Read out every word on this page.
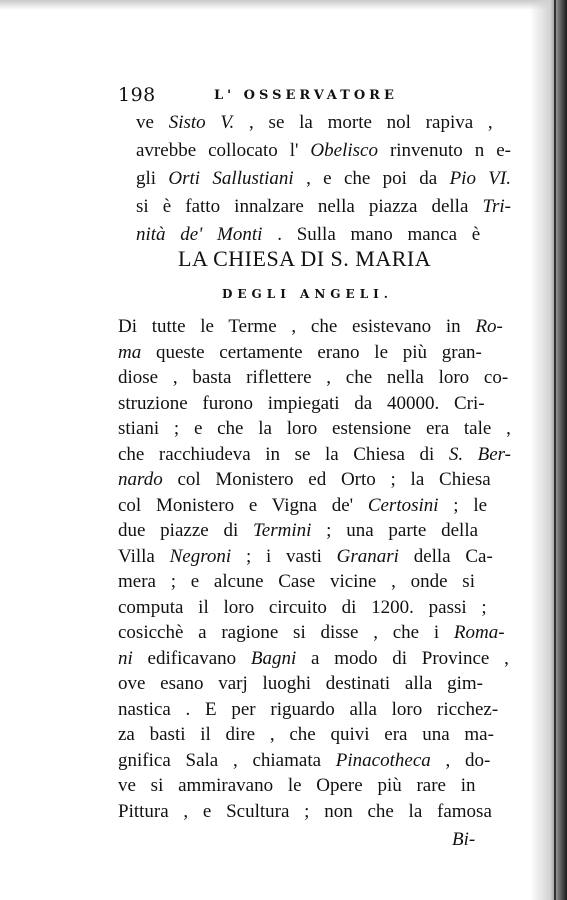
198	L' OSSERVATORE
ve Sisto V. , se la morte nol rapiva ,
avrebbe collocato l' Obelisco rinvenuto n e-
gli Orti Sallustiani , e che poi da Pio VI.
si è fatto innalzare nella piazza della Tri-
nità de' Monti . Sulla mano manca è
LA CHIESA DI S. MARIA
DEGLI ANGELI.
Di tutte le Terme , che esistevano in Ro-
ma queste certamente erano le più gran-
diose , basta riflettere , che nella loro co-
struzione furono impiegati da 40000. Cri-
stiani ; e che la loro estensione era tale ,
che racchiudeva in se la Chiesa di S. Ber-
nardo col Monistero ed Orto ; la Chiesa
col Monistero e Vigna de' Certosini ; le
due piazze di Termini ; una parte della
Villa Negroni ; i vasti Granari della Ca-
mera ; e alcune Case vicine , onde si
computa il loro circuito di 1200. passi ;
cosicchè a ragione si disse , che i Roma-
ni edificavano Bagni a modo di Province ,
ove esano varj luoghi destinati alla gim-
nastica . E per riguardo alla loro ricchez-
za basti il dire , che quivi era una ma-
gnifica Sala , chiamata Pinacotheca , do-
ve si ammiravano le Opere più rare in
Pittura , e Scultura ; non che la famosa
Bi-
